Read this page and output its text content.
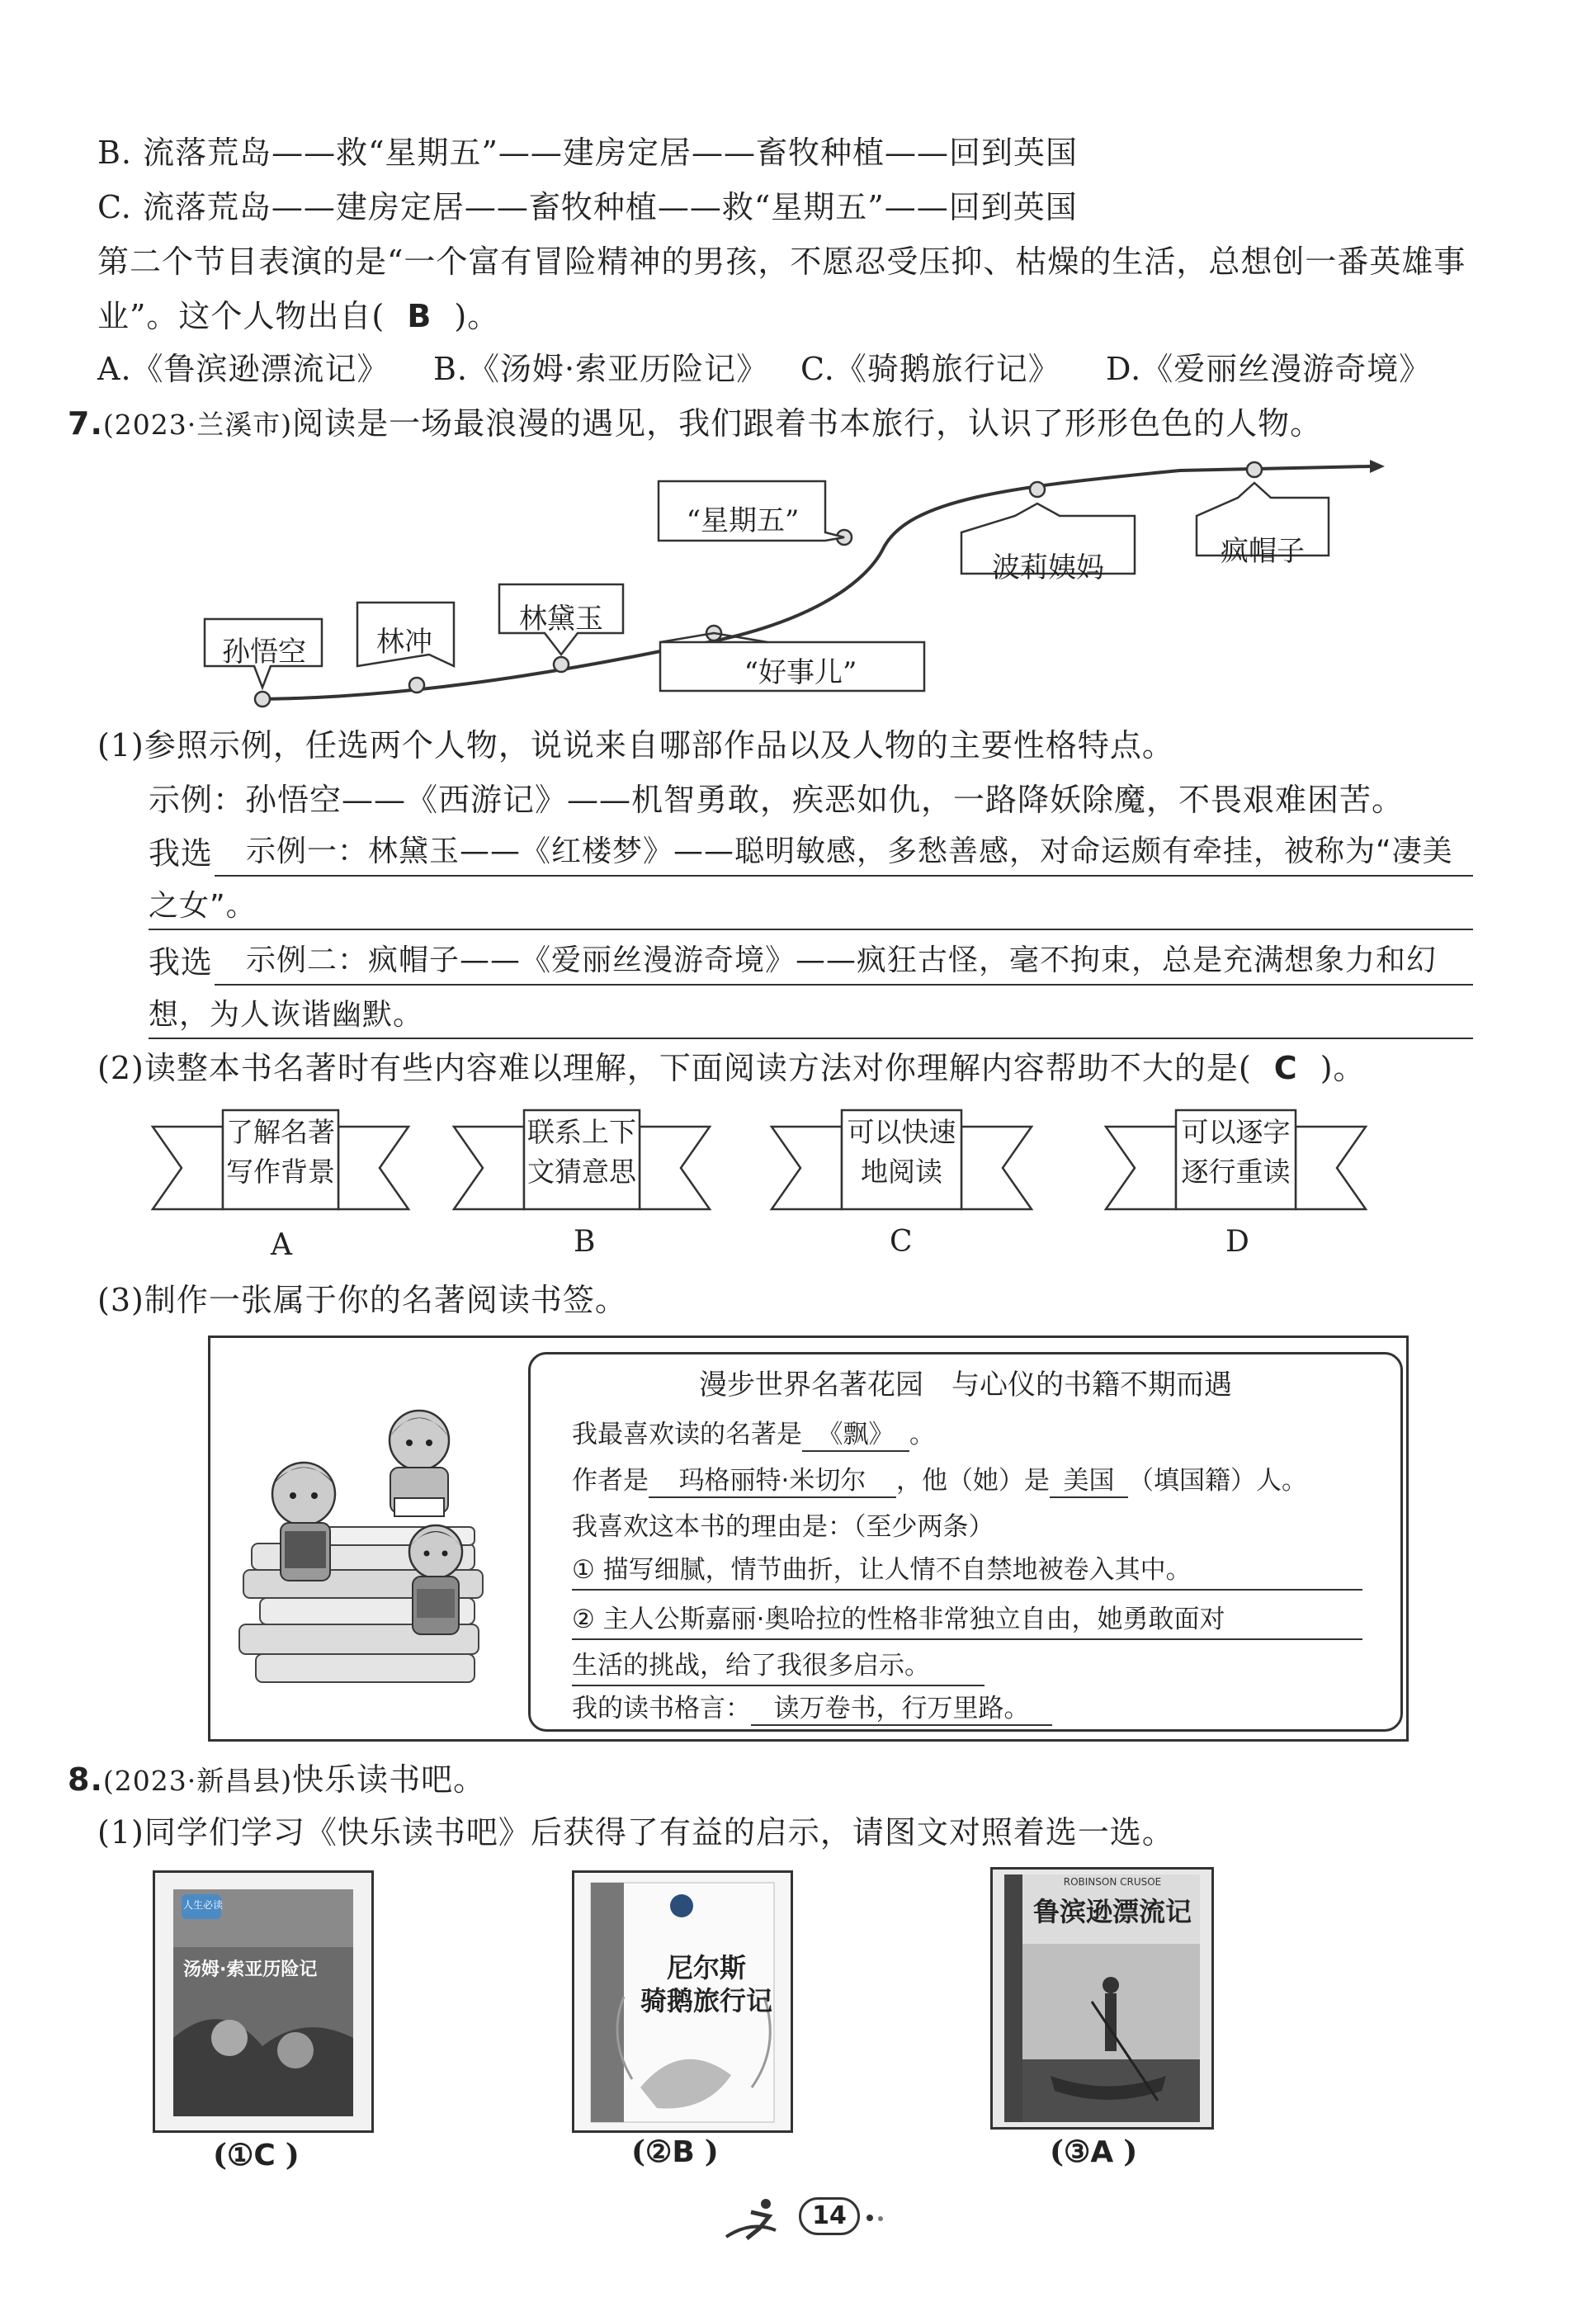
B. 流落荒岛——救“星期五”——建房定居——畜牧种植——回到英国
C. 流落荒岛——建房定居——畜牧种植——救“星期五”——回到英国
第二个节目表演的是“一个富有冒险精神的男孩，不愿忍受压抑、枯燥的生活，总想创一番英雄事
业”。这个人物出自( B )。
A.《鲁滨逊漂流记》 B.《汤姆·索亚历险记》 C.《骑鹅旅行记》 D.《爱丽丝漫游奇境》
7.(2023·兰溪市)阅读是一场最浪漫的遇见，我们跟着书本旅行，认识了形形色色的人物。
孙悟空	林冲
林黛玉
“好事儿”
“星期五”
波莉姨妈	疯帽子
(1)参照示例，任选两个人物，说说来自哪部作品以及人物的主要性格特点。
示例：孙悟空——《西游记》——机智勇敢，疾恶如仇，一路降妖除魔，不畏艰难困苦。
我选 示例一：林黛玉——《红楼梦》——聪明敏感，多愁善感，对命运颇有牵挂，被称为“凄美
之女”。
我选 示例二：疯帽子——《爱丽丝漫游奇境》——疯狂古怪，毫不拘束，总是充满想象力和幻
想，为人诙谐幽默。
(2)读整本书名著时有些内容难以理解，下面阅读方法对你理解内容帮助不大的是( C )。
了解名著
写作背景
联系上下
文猜意思
可以快速
地阅读
可以逐字
逐行重读
A	B	C	D
(3)制作一张属于你的名著阅读书签。
漫步世界名著花园　与心仪的书籍不期而遇
我最喜欢读的名著是 《飘》 。
作者是 玛格丽特·米切尔 ，他（她）是 美国 （填国籍）人。
我喜欢这本书的理由是：（至少两条）
① 描写细腻，情节曲折，让人情不自禁地被卷入其中。
② 主人公斯嘉丽·奥哈拉的性格非常独立自由，她勇敢面对
生活的挑战，给了我很多启示。
我的读书格言： 读万卷书，行万里路。
8.(2023·新昌县)快乐读书吧。
(1)同学们学习《快乐读书吧》后获得了有益的启示，请图文对照着选一选。
人生必读
汤姆·索亚历险记
(①C )
尼尔斯
骑鹅旅行记
(②B )
ROBINSON CRUSOE
鲁滨逊漂流记
(③A )
14
